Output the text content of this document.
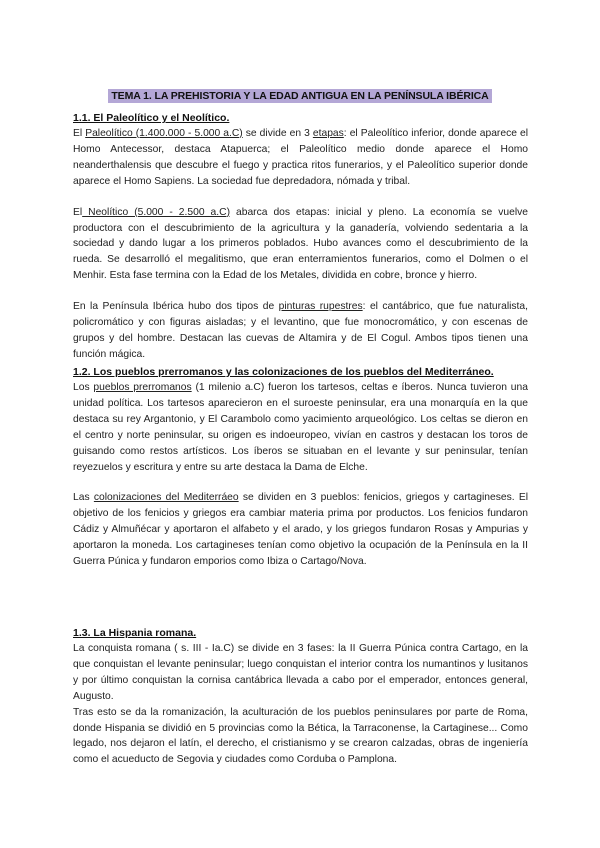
TEMA 1. LA PREHISTORIA Y LA EDAD ANTIGUA EN LA PENÍNSULA IBÉRICA
1.1. El Paleolítico y el Neolítico.

El Paleolítico (1.400.000 - 5.000 a.C) se divide en 3 etapas: el Paleolítico inferior, donde aparece el Homo Antecessor, destaca Atapuerca; el Paleolítico medio donde aparece el Homo neanderthalensis que descubre el fuego y practica ritos funerarios, y el Paleolítico superior donde aparece el Homo Sapiens. La sociedad fue depredadora, nómada y tribal.

El Neolítico (5.000 - 2.500 a.C) abarca dos etapas: inicial y pleno. La economía se vuelve productora con el descubrimiento de la agricultura y la ganadería, volviendo sedentaria a la sociedad y dando lugar a los primeros poblados. Hubo avances como el descubrimiento de la rueda. Se desarrolló el megalitismo, que eran enterramientos funerarios, como el Dolmen o el Menhir. Esta fase termina con la Edad de los Metales, dividida en cobre, bronce y hierro.

En la Península Ibérica hubo dos tipos de pinturas rupestres: el cantábrico, que fue naturalista, policromático y con figuras aisladas; y el levantino, que fue monocromático, y con escenas de grupos y del hombre. Destacan las cuevas de Altamira y de El Cogul. Ambos tipos tienen una función mágica.

1.2. Los pueblos prerromanos y las colonizaciones de los pueblos del Mediterráneo.

Los pueblos prerromanos (1 milenio a.C) fueron los tartesos, celtas e íberos. Nunca tuvieron una unidad política. Los tartesos aparecieron en el suroeste peninsular, era una monarquía en la que destaca su rey Argantonio, y El Carambolo como yacimiento arqueológico. Los celtas se dieron en el centro y norte peninsular, su origen es indoeuropeo, vivían en castros y destacan los toros de guisando como restos artísticos. Los íberos se situaban en el levante y sur peninsular, tenían reyezuelos y escritura y entre su arte destaca la Dama de Elche.

Las colonizaciones del Mediterráeo se dividen en 3 pueblos: fenicios, griegos y cartagineses. El objetivo de los fenicios y griegos era cambiar materia prima por productos. Los fenicios fundaron Cádiz y Almuñécar y aportaron el alfabeto y el arado, y los griegos fundaron Rosas y Ampurias y aportaron la moneda. Los cartagineses tenían como objetivo la ocupación de la Península en la II Guerra Púnica y fundaron emporios como Ibiza o Cartago/Nova.

1.3. La Hispania romana.

La conquista romana ( s. III - Ia.C) se divide en 3 fases: la II Guerra Púnica contra Cartago, en la que conquistan el levante peninsular; luego conquistan el interior contra los numantinos y lusitanos y por último conquistan la cornisa cantábrica llevada a cabo por el emperador, entonces general, Augusto.

Tras esto se da la romanización, la aculturación de los pueblos peninsulares por parte de Roma, donde Hispania se dividió en 5 provincias como la Bética, la Tarraconense, la Cartaginese... Como legado, nos dejaron el latín, el derecho, el cristianismo y se crearon calzadas, obras de ingeniería como el acueducto de Segovia y ciudades como Corduba o Pamplona.
